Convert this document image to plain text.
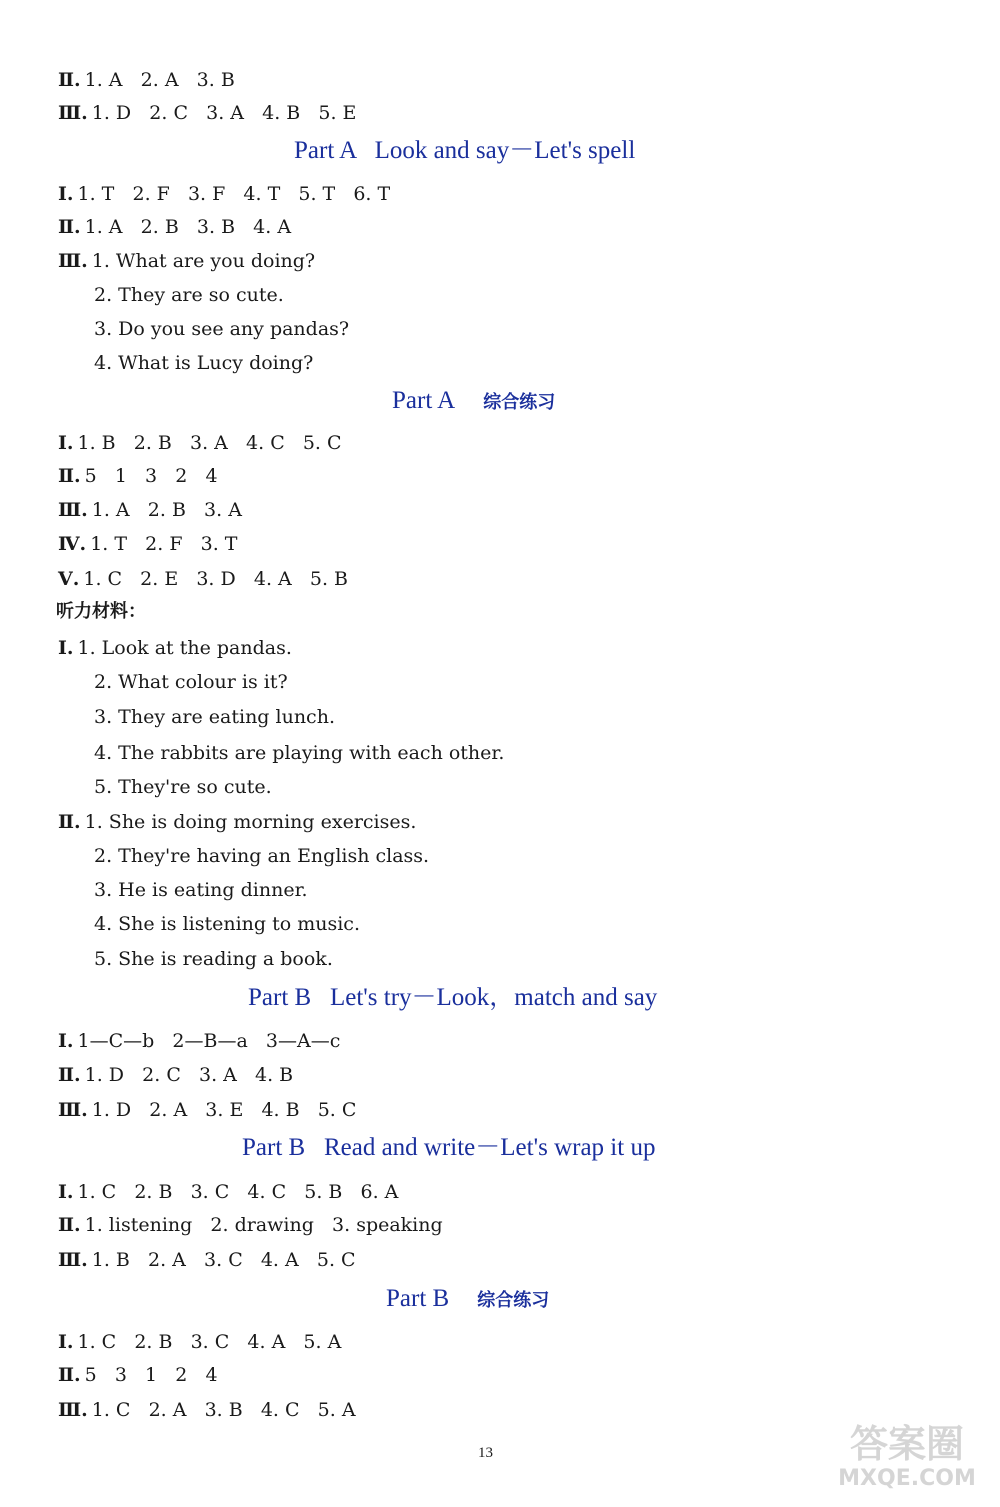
Ⅱ. 1. A   2. A   3. B
Ⅲ. 1. D   2. C   3. A   4. B   5. E
Part A   Look and say－Let's spell
Ⅰ. 1. T   2. F   3. F   4. T   5. T   6. T
Ⅱ. 1. A   2. B   3. B   4. A
Ⅲ. 1. What are you doing?
2. They are so cute.
3. Do you see any pandas?
4. What is Lucy doing?
Part A 综合练习
Ⅰ. 1. B   2. B   3. A   4. C   5. C
Ⅱ. 5   1   3   2   4
Ⅲ. 1. A   2. B   3. A
Ⅳ. 1. T   2. F   3. T
Ⅴ. 1. C   2. E   3. D   4. A   5. B
听力材料：
Ⅰ. 1. Look at the pandas.
2. What colour is it?
3. They are eating lunch.
4. The rabbits are playing with each other.
5. They're so cute.
Ⅱ. 1. She is doing morning exercises.
2. They're having an English class.
3. He is eating dinner.
4. She is listening to music.
5. She is reading a book.
Part B   Let's try－Look，match and say
Ⅰ. 1—C—b   2—B—a   3—A—c
Ⅱ. 1. D   2. C   3. A   4. B
Ⅲ. 1. D   2. A   3. E   4. B   5. C
Part B   Read and write－Let's wrap it up
Ⅰ. 1. C   2. B   3. C   4. C   5. B   6. A
Ⅱ. 1. listening   2. drawing   3. speaking
Ⅲ. 1. B   2. A   3. C   4. A   5. C
Part B 综合练习
Ⅰ. 1. C   2. B   3. C   4. A   5. A
Ⅱ. 5   3   1   2   4
Ⅲ. 1. C   2. A   3. B   4. C   5. A
13	答案圈
MXQE.COM
